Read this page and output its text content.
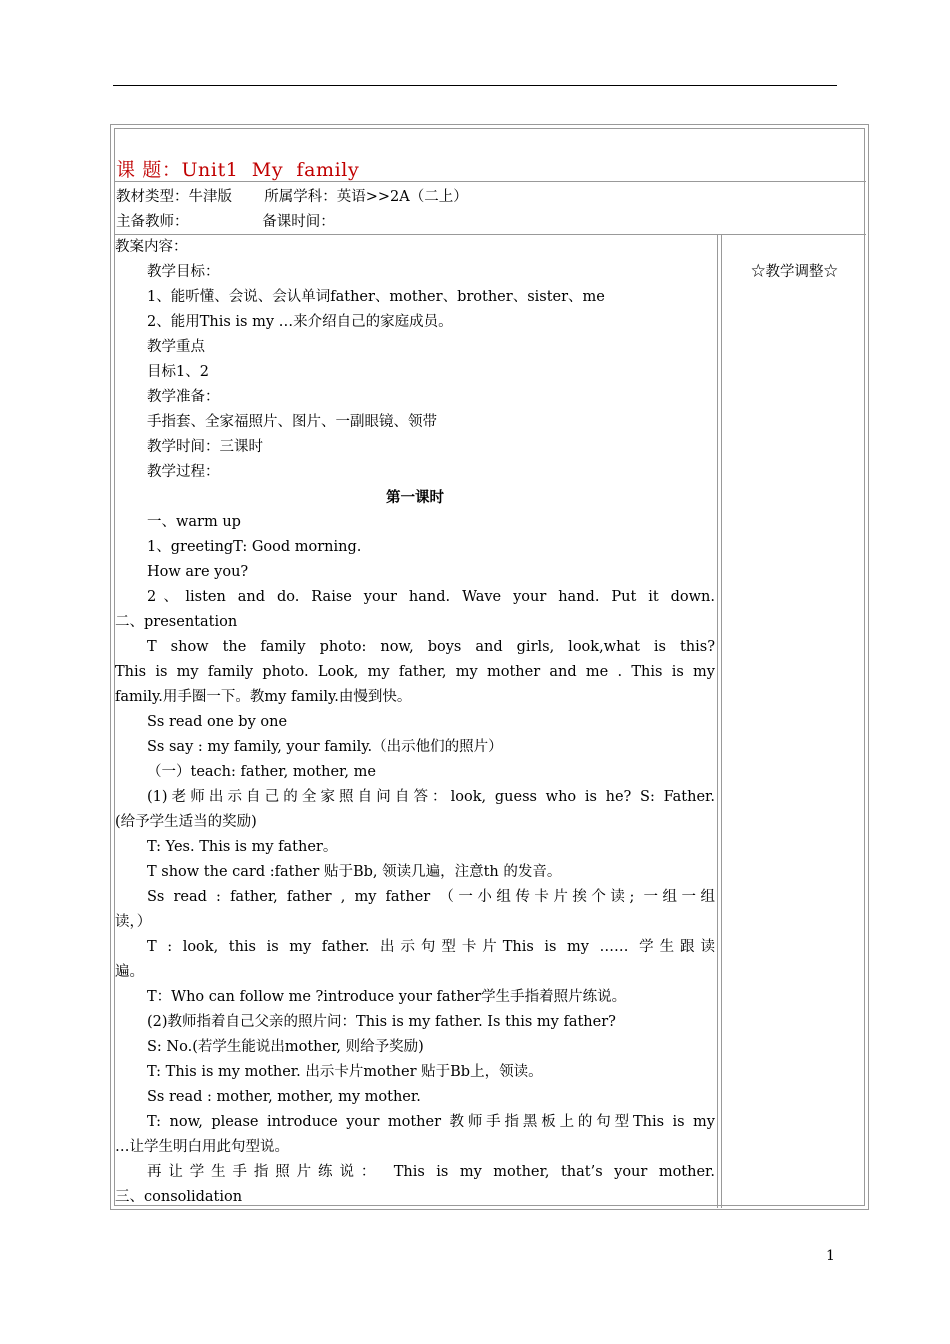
课 题：Unit1  My  family
教材类型：牛津版       所属学科：英语>>2A（二上）
主备教师：                备课时间：
教案内容：
教学目标：
1、能听懂、会说、会认单词father、mother、brother、sister、me
2、能用This is my …来介绍自己的家庭成员。
教学重点
目标1、2
教学准备：
手指套、全家福照片、图片、一副眼镜、领带
教学时间：三课时
教学过程：
第一课时
一、warm up
1、greetingT: Good morning.
How are you?
2、listen and do. Raise your hand. Wave your hand. Put it down.
二、presentation
T show the family photo: now, boys and girls, look,what is this?
This is my family photo. Look, my father, my mother and me . This is my
family.用手圈一下。教my family.由慢到快。
Ss read one by one
Ss say : my family, your family.（出示他们的照片）
（一）teach: father, mother, me
(1)老师出示自己的全家照自问自答：look, guess who is he? S: Father.
(给予学生适当的奖励)
T: Yes. This is my father。
T show the card :father 贴于Bb, 领读几遍，注意th 的发音。
Ss read : father, father , my father （一小组传卡片挨个读; 一组一组
读，）
T : look, this is my father. 出示句型卡片This is my …… 学生跟读
遍。
T：Who can follow me ?introduce your father学生手指着照片练说。
(2)教师指着自己父亲的照片问：This is my father. Is this my father?
S: No.(若学生能说出mother, 则给予奖励)
T: This is my mother. 出示卡片mother 贴于Bb上，领读。
Ss read : mother, mother, my mother.
T: now, please introduce your mother 教师手指黑板上的句型This is my
…让学生明白用此句型说。
再让学生手指照片练说： This is my mother, that’s your mother.
三、consolidation
☆教学调整☆
1
